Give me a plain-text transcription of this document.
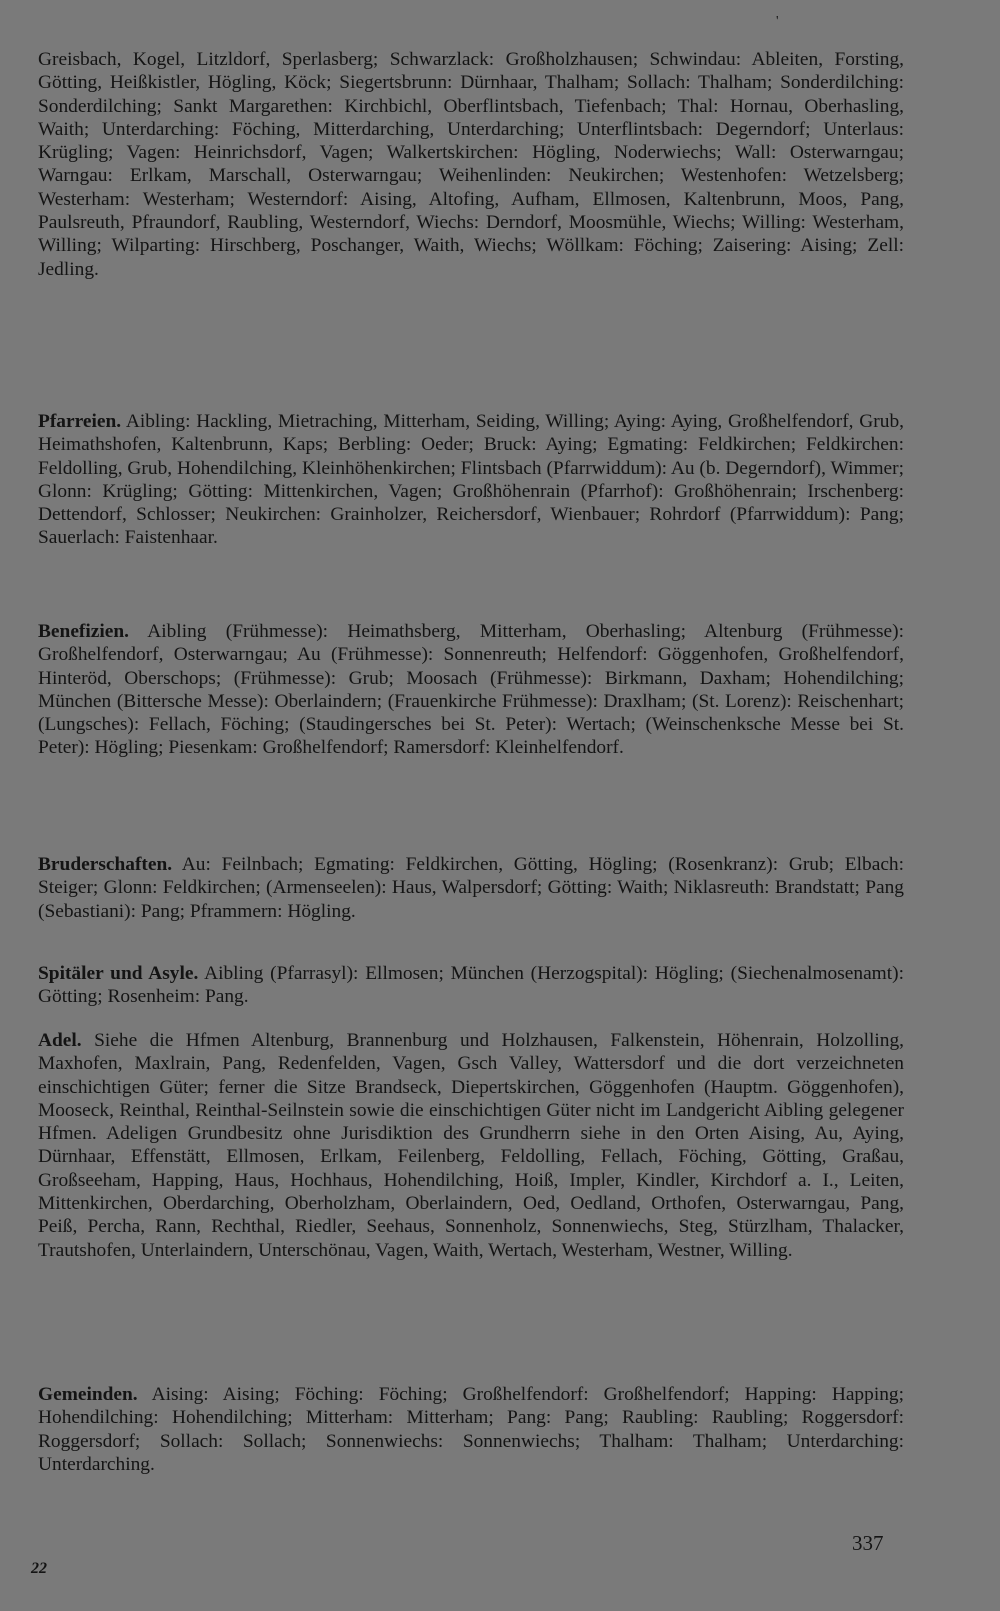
'

Greisbach, Kogel, Litzldorf, Sperlasberg; Schwarzlack: Großholzhausen; Schwindau: Ableiten, Forsting, Gӧtting, Heißkistler, Hӧgling, Kӧck; Siegertsbrunn: Dürnhaar, Thalham; Sollach: Thalham; Sonderdilching: Sonderdilching; Sankt Margarethen: Kirchbichl, Oberflintsbach, Tiefenbach; Thal: Hornau, Oberhasling, Waith; Unterdarching: Föching, Mitterdarching, Unterdarching; Unterflintsbach: Degerndorf; Unterlaus: Krügling; Vagen: Heinrichsdorf, Vagen; Walkertskirchen: Hӧgling, Noderwiechs; Wall: Osterwarngau; Warngau: Erlkam, Marschall, Osterwarngau; Weihenlinden: Neukirchen; Westenhofen: Wetzelsberg; Westerham: Westerham; Westerndorf: Aising, Altofing, Aufham, Ellmosen, Kaltenbrunn, Moos, Pang, Paulsreuth, Pfraundorf, Raubling, Westerndorf, Wiechs: Derndorf, Moosmühle, Wiechs; Willing: Westerham, Willing; Wilparting: Hirschberg, Poschanger, Waith, Wiechs; Wӧllkam: Föching; Zaisering: Aising; Zell: Jedling.

Pfarreien. Aibling: Hackling, Mietraching, Mitterham, Seiding, Willing; Aying: Aying, Großhelfendorf, Grub, Heimathshofen, Kaltenbrunn, Kaps; Berbling: Oeder; Bruck: Aying; Egmating: Feldkirchen; Feldkirchen: Feldolling, Grub, Hohendilching, Kleinhӧhenkirchen; Flintsbach (Pfarrwiddum): Au (b. Degerndorf), Wimmer; Glonn: Krügling; Götting: Mittenkirchen, Vagen; Großhӧhenrain (Pfarrhof): Großhӧhenrain; Irschenberg: Dettendorf, Schlosser; Neukirchen: Grainholzer, Reichersdorf, Wienbauer; Rohrdorf (Pfarrwiddum): Pang; Sauerlach: Faistenhaar.

Benefizien. Aibling (Frühmesse): Heimathsberg, Mitterham, Oberhasling; Altenburg (Frühmesse): Großhelfendorf, Osterwarngau; Au (Frühmesse): Sonnenreuth; Helfendorf: Gӧggenhofen, Großhelfendorf, Hinterӧd, Oberschops; (Frühmesse): Grub; Moosach (Frühmesse): Birkmann, Daxham; Hohendilching; München (Bittersche Messe): Oberlaindern; (Frauenkirche Frühmesse): Draxlham; (St. Lorenz): Reischenhart; (Lungsches): Fellach, Föching; (Staudingersches bei St. Peter): Wertach; (Weinschenksche Messe bei St. Peter): Hӧgling; Piesenkam: Großhelfendorf; Ramersdorf: Kleinhelfendorf.

Bruderschaften. Au: Feilnbach; Egmating: Feldkirchen, Götting, Hӧgling; (Rosenkranz): Grub; Elbach: Steiger; Glonn: Feldkirchen; (Armenseelen): Haus, Walpersdorf; Götting: Waith; Niklasreuth: Brandstatt; Pang (Sebastiani): Pang; Pframmern: Hӧgling.

Spitäler und Asyle. Aibling (Pfarrasyl): Ellmosen; München (Herzogspital): Hӧgling; (Siechenalmosenamt): Götting; Rosenheim: Pang.

Adel. Siehe die Hfmen Altenburg, Brannenburg und Holzhausen, Falkenstein, Hӧhenrain, Holzolling, Maxhofen, Maxlrain, Pang, Redenfelden, Vagen, Gsch Valley, Wattersdorf und die dort verzeichneten einschichtigen Güter; ferner die Sitze Brandseck, Diepertskirchen, Gӧggenhofen (Hauptm. Gӧggenhofen), Mooseck, Reinthal, Reinthal-Seilnstein sowie die einschichtigen Güter nicht im Landgericht Aibling gelegener Hfmen. Adeligen Grundbesitz ohne Jurisdiktion des Grundherrn siehe in den Orten Aising, Au, Aying, Dürnhaar, Effenstätt, Ellmosen, Erlkam, Feilenberg, Feldolling, Fellach, Föching, Götting, Graßau, Großseeham, Happing, Haus, Hochhaus, Hohendilching, Hoiß, Impler, Kindler, Kirchdorf a. I., Leiten, Mittenkirchen, Oberdarching, Oberholzham, Oberlaindern, Oed, Oedland, Orthofen, Osterwarngau, Pang, Peiß, Percha, Rann, Rechthal, Riedler, Seehaus, Sonnenholz, Sonnenwiechs, Steg, Stürzlham, Thalacker, Trautshofen, Unterlaindern, Unterschӧnau, Vagen, Waith, Wertach, Westerham, Westner, Willing.

Gemeinden. Aising: Aising; Föching: Föching; Großhelfendorf: Großhelfendorf; Happing: Happing; Hohendilching: Hohendilching; Mitterham: Mitterham; Pang: Pang; Raubling: Raubling; Roggersdorf: Roggersdorf; Sollach: Sollach; Sonnenwiechs: Sonnenwiechs; Thalham: Thalham; Unterdarching: Unterdarching.

337
22
